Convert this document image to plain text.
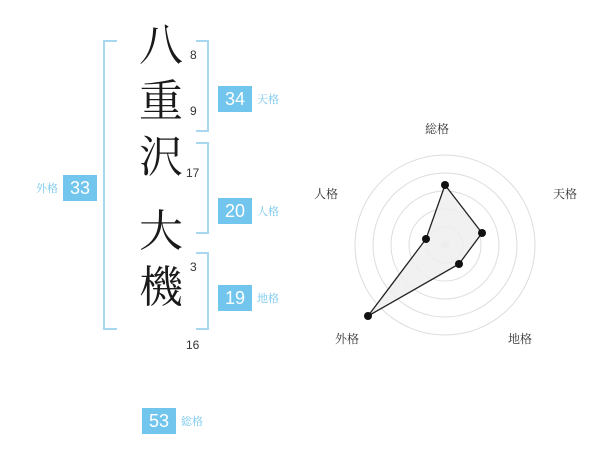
八
重
沢
大
機
8
9
17
3
16
33
外格
34	天格
20	人格
19	地格
53	総格
総格
天格
地格
外格
人格
